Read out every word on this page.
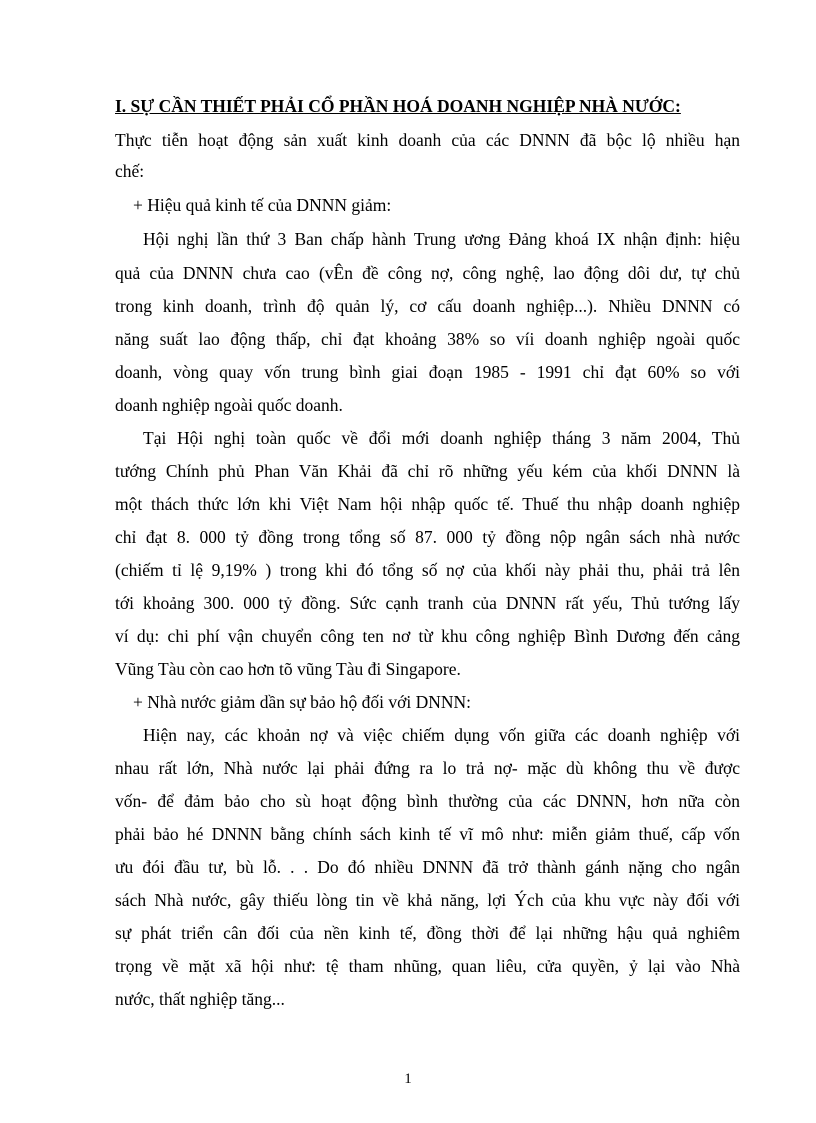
I. SỰ CẦN THIẾT PHẢI CỔ PHẦN HOÁ DOANH NGHIỆP NHÀ NƯỚC:
Thực tiễn hoạt động sản xuất kinh doanh của các DNNN đã bộc lộ nhiều hạn
chế:
+ Hiệu quả kinh tế của DNNN giảm:
Hội nghị lần thứ 3 Ban chấp hành Trung ương Đảng khoá IX nhận định: hiệu
quả của DNNN chưa cao (vÊn đề công nợ, công nghệ, lao động dôi dư, tự chủ
trong kinh doanh, trình độ quản lý, cơ cấu doanh nghiệp...). Nhiều DNNN có
năng suất lao động thấp, chỉ đạt khoảng 38% so víi doanh nghiệp ngoài quốc
doanh, vòng quay vốn trung bình giai đoạn 1985 - 1991 chỉ đạt 60% so với
doanh nghiệp ngoài quốc doanh.
Tại Hội nghị toàn quốc về đổi mới doanh nghiệp tháng 3 năm 2004, Thủ
tướng Chính phủ Phan Văn Khải đã chỉ rõ những yếu kém của khối DNNN là
một thách thức lớn khi Việt Nam hội nhập quốc tế. Thuế thu nhập doanh nghiệp
chỉ đạt 8. 000 tỷ đồng trong tổng số 87. 000 tỷ đồng nộp ngân sách nhà nước
(chiếm tỉ lệ 9,19% ) trong khi đó tổng số nợ của khối này phải thu, phải trả lên
tới khoảng 300. 000 tỷ đồng. Sức cạnh tranh của DNNN rất yếu, Thủ tướng lấy
ví dụ: chi phí vận chuyển công ten nơ từ khu công nghiệp Bình Dương đến cảng
Vũng Tàu còn cao hơn tõ vũng Tàu đi Singapore.
+ Nhà nước giảm dần sự bảo hộ đối với DNNN:
Hiện nay, các khoản nợ và việc chiếm dụng vốn giữa các doanh nghiệp với
nhau rất lớn, Nhà nước lại phải đứng ra lo trả nợ- mặc dù không thu về được
vốn- để đảm bảo cho sù hoạt động bình thường của các DNNN, hơn nữa còn
phải bảo hé DNNN bằng chính sách kinh tế vĩ mô như: miễn giảm thuế, cấp vốn
ưu đói đầu tư, bù lỗ. . . Do đó nhiều DNNN đã trở thành gánh nặng cho ngân
sách Nhà nước, gây thiếu lòng tin về khả năng, lợi Ých của khu vực này đối với
sự phát triển cân đối của nền kinh tế, đồng thời để lại những hậu quả nghiêm
trọng về mặt xã hội như: tệ tham nhũng, quan liêu, cửa quyền, ỷ lại vào Nhà
nước, thất nghiệp tăng...
1
